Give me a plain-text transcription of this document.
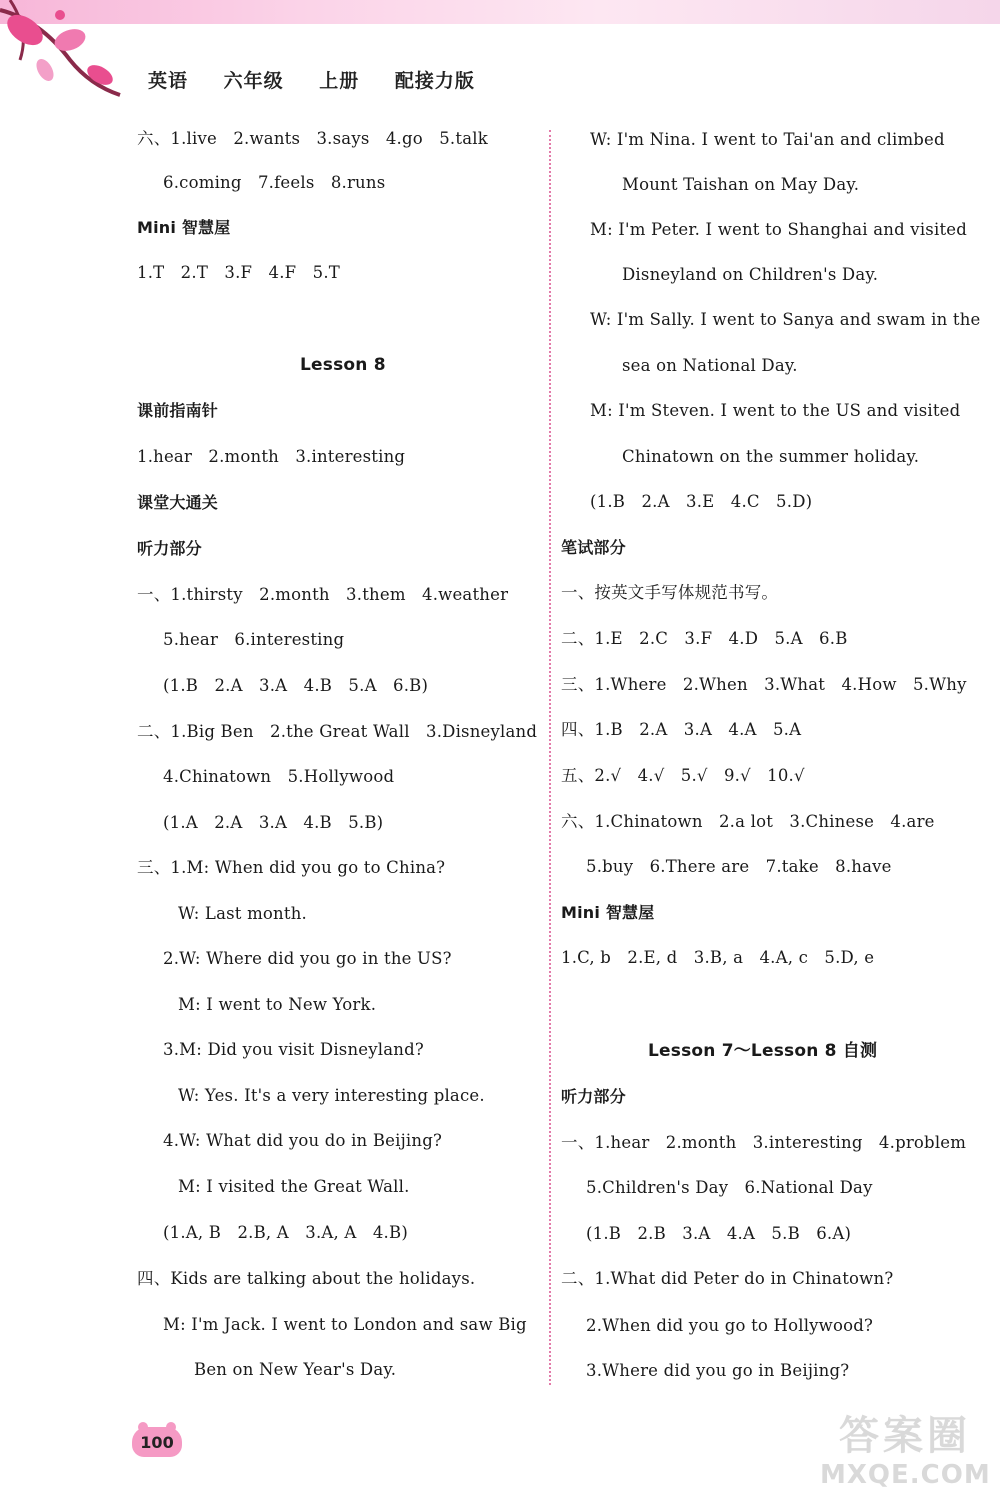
英语 六年级 上册 配接力版
六、1.live   2.wants   3.says   4.go   5.talk
6.coming   7.feels   8.runs
Mini 智慧屋
1.T   2.T   3.F   4.F   5.T
Lesson 8
课前指南针
1.hear   2.month   3.interesting
课堂大通关
听力部分
一、1.thirsty   2.month   3.them   4.weather
5.hear   6.interesting
(1.B   2.A   3.A   4.B   5.A   6.B)
二、1.Big Ben   2.the Great Wall   3.Disneyland
4.Chinatown   5.Hollywood
(1.A   2.A   3.A   4.B   5.B)
三、1.M: When did you go to China?
W: Last month.
2.W: Where did you go in the US?
M: I went to New York.
3.M: Did you visit Disneyland?
W: Yes. It's a very interesting place.
4.W: What did you do in Beijing?
M: I visited the Great Wall.
(1.A, B   2.B, A   3.A, A   4.B)
四、Kids are talking about the holidays.
M: I'm Jack. I went to London and saw Big
Ben on New Year's Day.
W: I'm Nina. I went to Tai'an and climbed
Mount Taishan on May Day.
M: I'm Peter. I went to Shanghai and visited
Disneyland on Children's Day.
W: I'm Sally. I went to Sanya and swam in the
sea on National Day.
M: I'm Steven. I went to the US and visited
Chinatown on the summer holiday.
(1.B   2.A   3.E   4.C   5.D)
笔试部分
一、按英文手写体规范书写。
二、1.E   2.C   3.F   4.D   5.A   6.B
三、1.Where   2.When   3.What   4.How   5.Why
四、1.B   2.A   3.A   4.A   5.A
五、2.√   4.√   5.√   9.√   10.√
六、1.Chinatown   2.a lot   3.Chinese   4.are
5.buy   6.There are   7.take   8.have
Mini 智慧屋
1.C, b   2.E, d   3.B, a   4.A, c   5.D, e
Lesson 7～Lesson 8 自测
听力部分
一、1.hear   2.month   3.interesting   4.problem
5.Children's Day   6.National Day
(1.B   2.B   3.A   4.A   5.B   6.A)
二、1.What did Peter do in Chinatown?
2.When did you go to Hollywood?
3.Where did you go in Beijing?
100	答案圈
MXQE.COM
